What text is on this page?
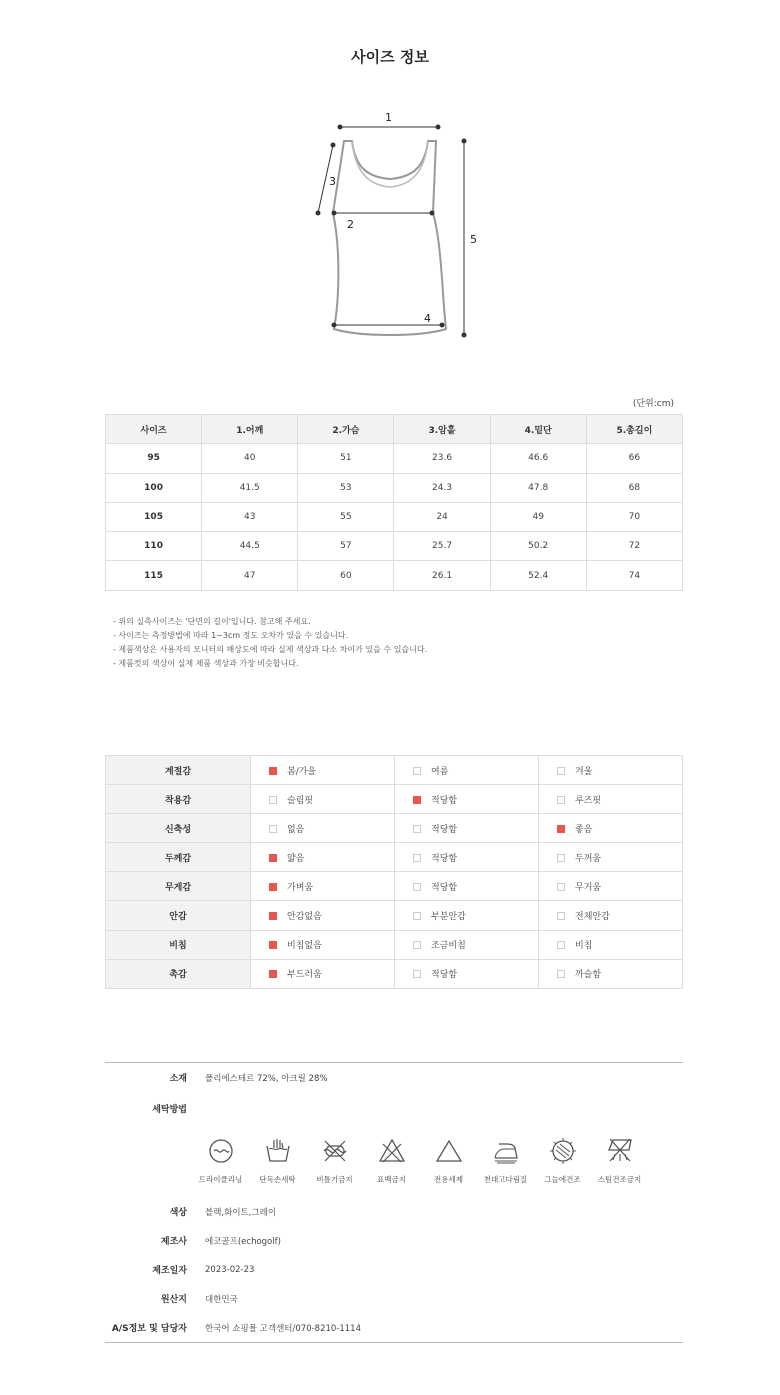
사이즈 정보
1
2
3
4
5
(단위:cm)
사이즈	1.어깨	2.가슴	3.암홀	4.밑단	5.총길이
95	40	51	23.6	46.6	66
100	41.5	53	24.3	47.8	68
105	43	55	24	49	70
110	44.5	57	25.7	50.2	72
115	47	60	26.1	52.4	74
- 위의 실측사이즈는 '단면의 길이'입니다. 참고해 주세요.
- 사이즈는 측정방법에 따라 1~3cm 정도 오차가 있을 수 있습니다.
- 제품색상은 사용자의 모니터의 해상도에 따라 실제 색상과 다소 차이가 있을 수 있습니다.
- 제품컷의 색상이 실제 제품 색상과 가장 비슷합니다.
계절감	봄/가을	여름	겨울
착용감	슬림핏	적당함	루즈핏
신축성	없음	적당함	좋음
두께감	얇음	적당함	두꺼움
무게감	가벼움	적당함	무거움
안감	안감없음	부분안감	전체안감
비침	비침없음	조금비침	비침
촉감	부드러움	적당함	까슬함
소재 폴리에스테르 72%, 아크릴 28%
세탁방법
드라이클리닝	단독손세탁	비틀기금지	표백금지	전용세제	천대고다림질	그늘에건조	스팀건조금지
색상 블랙,화이트,그레이
제조사 에코골프(echogolf)
제조일자 2023-02-23
원산지 대한민국
A/S정보 및 담당자 한국어 쇼핑몰 고객센터/070-8210-1114
